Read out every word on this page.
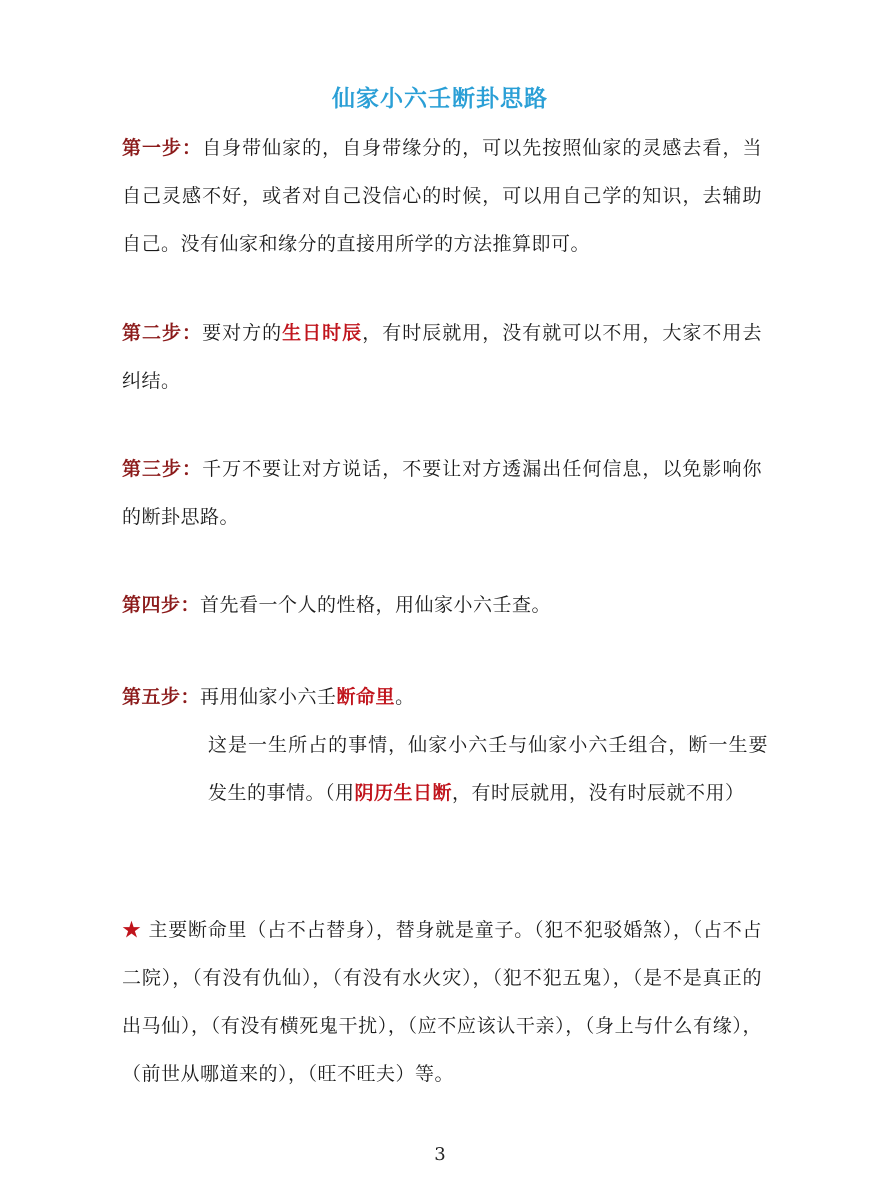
仙家小六壬断卦思路
第一步：自身带仙家的，自身带缘分的，可以先按照仙家的灵感去看，当自己灵感不好，或者对自己没信心的时候，可以用自己学的知识，去辅助自己。没有仙家和缘分的直接用所学的方法推算即可。
第二步：要对方的生日时辰，有时辰就用，没有就可以不用，大家不用去纠结。
第三步：千万不要让对方说话，不要让对方透漏出任何信息，以免影响你的断卦思路。
第四步：首先看一个人的性格，用仙家小六壬查。
第五步：再用仙家小六壬断命里。
这是一生所占的事情，仙家小六壬与仙家小六壬组合，断一生要发生的事情。（用阴历生日断，有时辰就用，没有时辰就不用）
★ 主要断命里（占不占替身），替身就是童子。（犯不犯驳婚煞），（占不占二院），（有没有仇仙），（有没有水火灾），（犯不犯五鬼），（是不是真正的出马仙），（有没有横死鬼干扰），（应不应该认干亲），（身上与什么有缘），（前世从哪道来的），（旺不旺夫）等。
3
